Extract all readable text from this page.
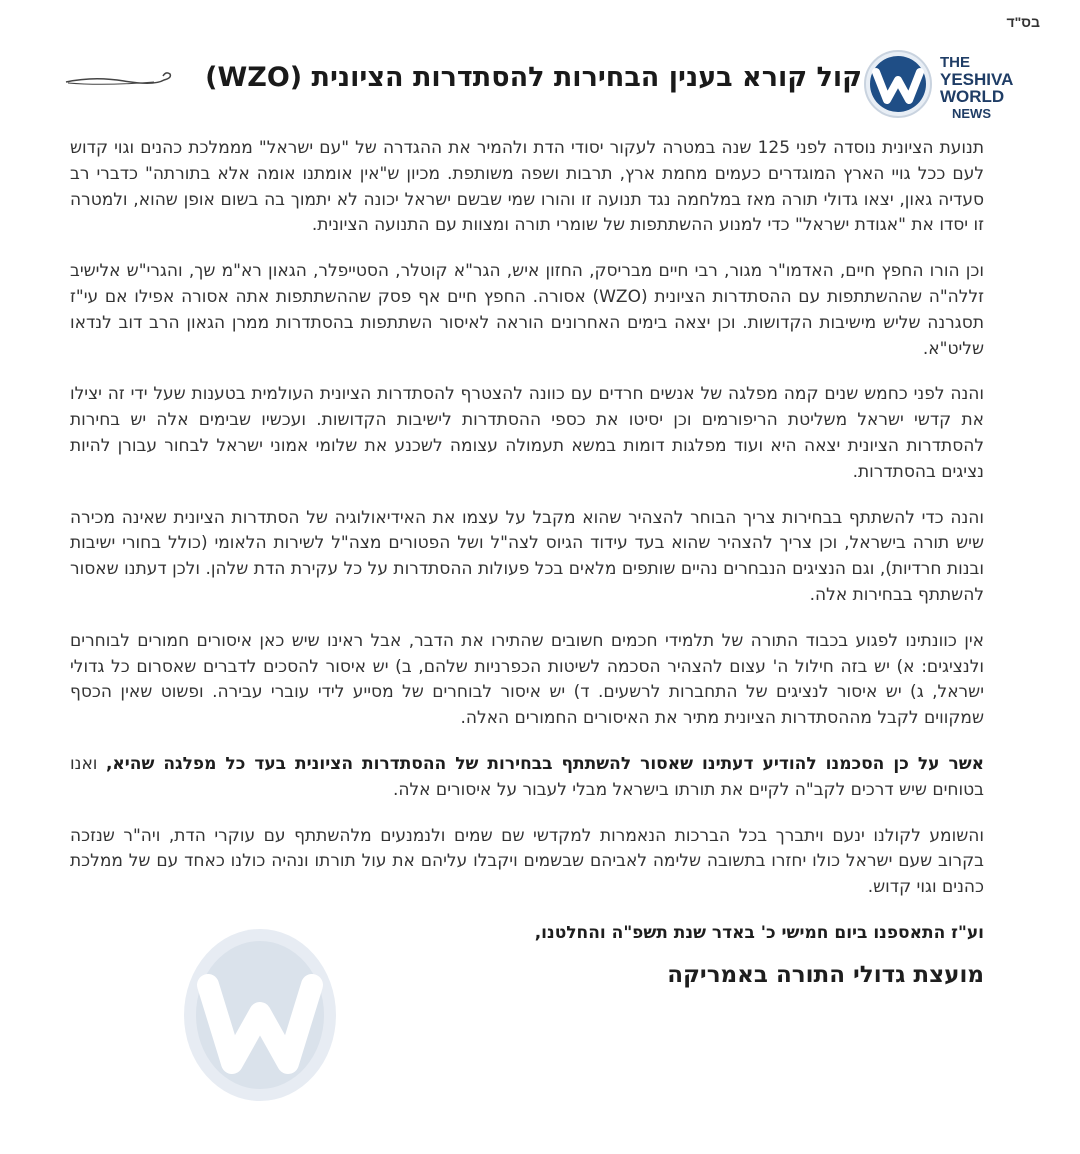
בס"ד
קול קורא בענין הבחירות להסתדרות הציונית (WZO)	THE
YESHIVA
WORLD
NEWS

תנועת הציונית נוסדה לפני 125 שנה במטרה לעקור יסודי הדת ולהמיר את ההגדרה של "עם ישראל" מממלכת כהנים וגוי קדוש לעם ככל גויי הארץ המוגדרים כעמים מחמת ארץ, תרבות ושפה משותפת. מכיון ש"אין אומתנו אומה אלא בתורתה" כדברי רב סעדיה גאון, יצאו גדולי תורה מאז במלחמה נגד תנועה זו והורו שמי שבשם ישראל יכונה לא יתמוך בה בשום אופן שהוא, ולמטרה זו יסדו את "אגודת ישראל" כדי למנוע ההשתתפות של שומרי תורה ומצוות עם התנועה הציונית.

וכן הורו החפץ חיים, האדמו"ר מגור, רבי חיים מבריסק, החזון איש, הגר"א קוטלר, הסטייפלר, הגאון רא"מ שך, והגרי"ש אלישיב זללה"ה שההשתתפות עם ההסתדרות הציונית (WZO) אסורה. החפץ חיים אף פסק שההשתתפות אתה אסורה אפילו אם עי"ז תסגרנה שליש מישיבות הקדושות. וכן יצאה בימים האחרונים הוראה לאיסור השתתפות בהסתדרות ממרן הגאון הרב דוב לנדאו שליט"א.

והנה לפני כחמש שנים קמה מפלגה של אנשים חרדים עם כוונה להצטרף להסתדרות הציונית העולמית בטענות שעל ידי זה יצילו את קדשי ישראל משליטת הריפורמים וכן יסיטו את כספי ההסתדרות לישיבות הקדושות. ועכשיו שבימים אלה יש בחירות להסתדרות הציונית יצאה היא ועוד מפלגות דומות במשא תעמולה עצומה לשכנע את שלומי אמוני ישראל לבחור עבורן להיות נציגים בהסתדרות.

והנה כדי להשתתף בבחירות צריך הבוחר להצהיר שהוא מקבל על עצמו את האידיאולוגיה של הסתדרות הציונית שאינה מכירה שיש תורה בישראל, וכן צריך להצהיר שהוא בעד עידוד הגיוס לצה"ל ושל הפטורים מצה"ל לשירות הלאומי (כולל בחורי ישיבות ובנות חרדיות), וגם הנציגים הנבחרים נהיים שותפים מלאים בכל פעולות ההסתדרות על כל עקירת הדת שלהן. ולכן דעתנו שאסור להשתתף בבחירות אלה.

אין כוונתינו לפגוע בכבוד התורה של תלמידי חכמים חשובים שהתירו את הדבר, אבל ראינו שיש כאן איסורים חמורים לבוחרים ולנציגים: א) יש בזה חילול ה' עצום להצהיר הסכמה לשיטות הכפרניות שלהם, ב) יש איסור להסכים לדברים שאסרום כל גדולי ישראל, ג) יש איסור לנציגים של התחברות לרשעים. ד) יש איסור לבוחרים של מסייע לידי עוברי עבירה. ופשוט שאין הכסף שמקווים לקבל מההסתדרות הציונית מתיר את האיסורים החמורים האלה.

אשר על כן הסכמנו להודיע דעתינו שאסור להשתתף בבחירות של ההסתדרות הציונית בעד כל מפלגה שהיא, ואנו בטוחים שיש דרכים לקב"ה לקיים את תורתו בישראל מבלי לעבור על איסורים אלה.

והשומע לקולנו ינעם ויתברך בכל הברכות הנאמרות למקדשי שם שמים ולנמנעים מלהשתתף עם עוקרי הדת, ויה"ר שנזכה בקרוב שעם ישראל כולו יחזרו בתשובה שלימה לאביהם שבשמים ויקבלו עליהם את עול תורתו ונהיה כולנו כאחד עם של ממלכת כהנים וגוי קדוש.

וע"ז התאספנו ביום חמישי כ' באדר שנת תשפ"ה והחלטנו,
מועצת גדולי התורה באמריקה
